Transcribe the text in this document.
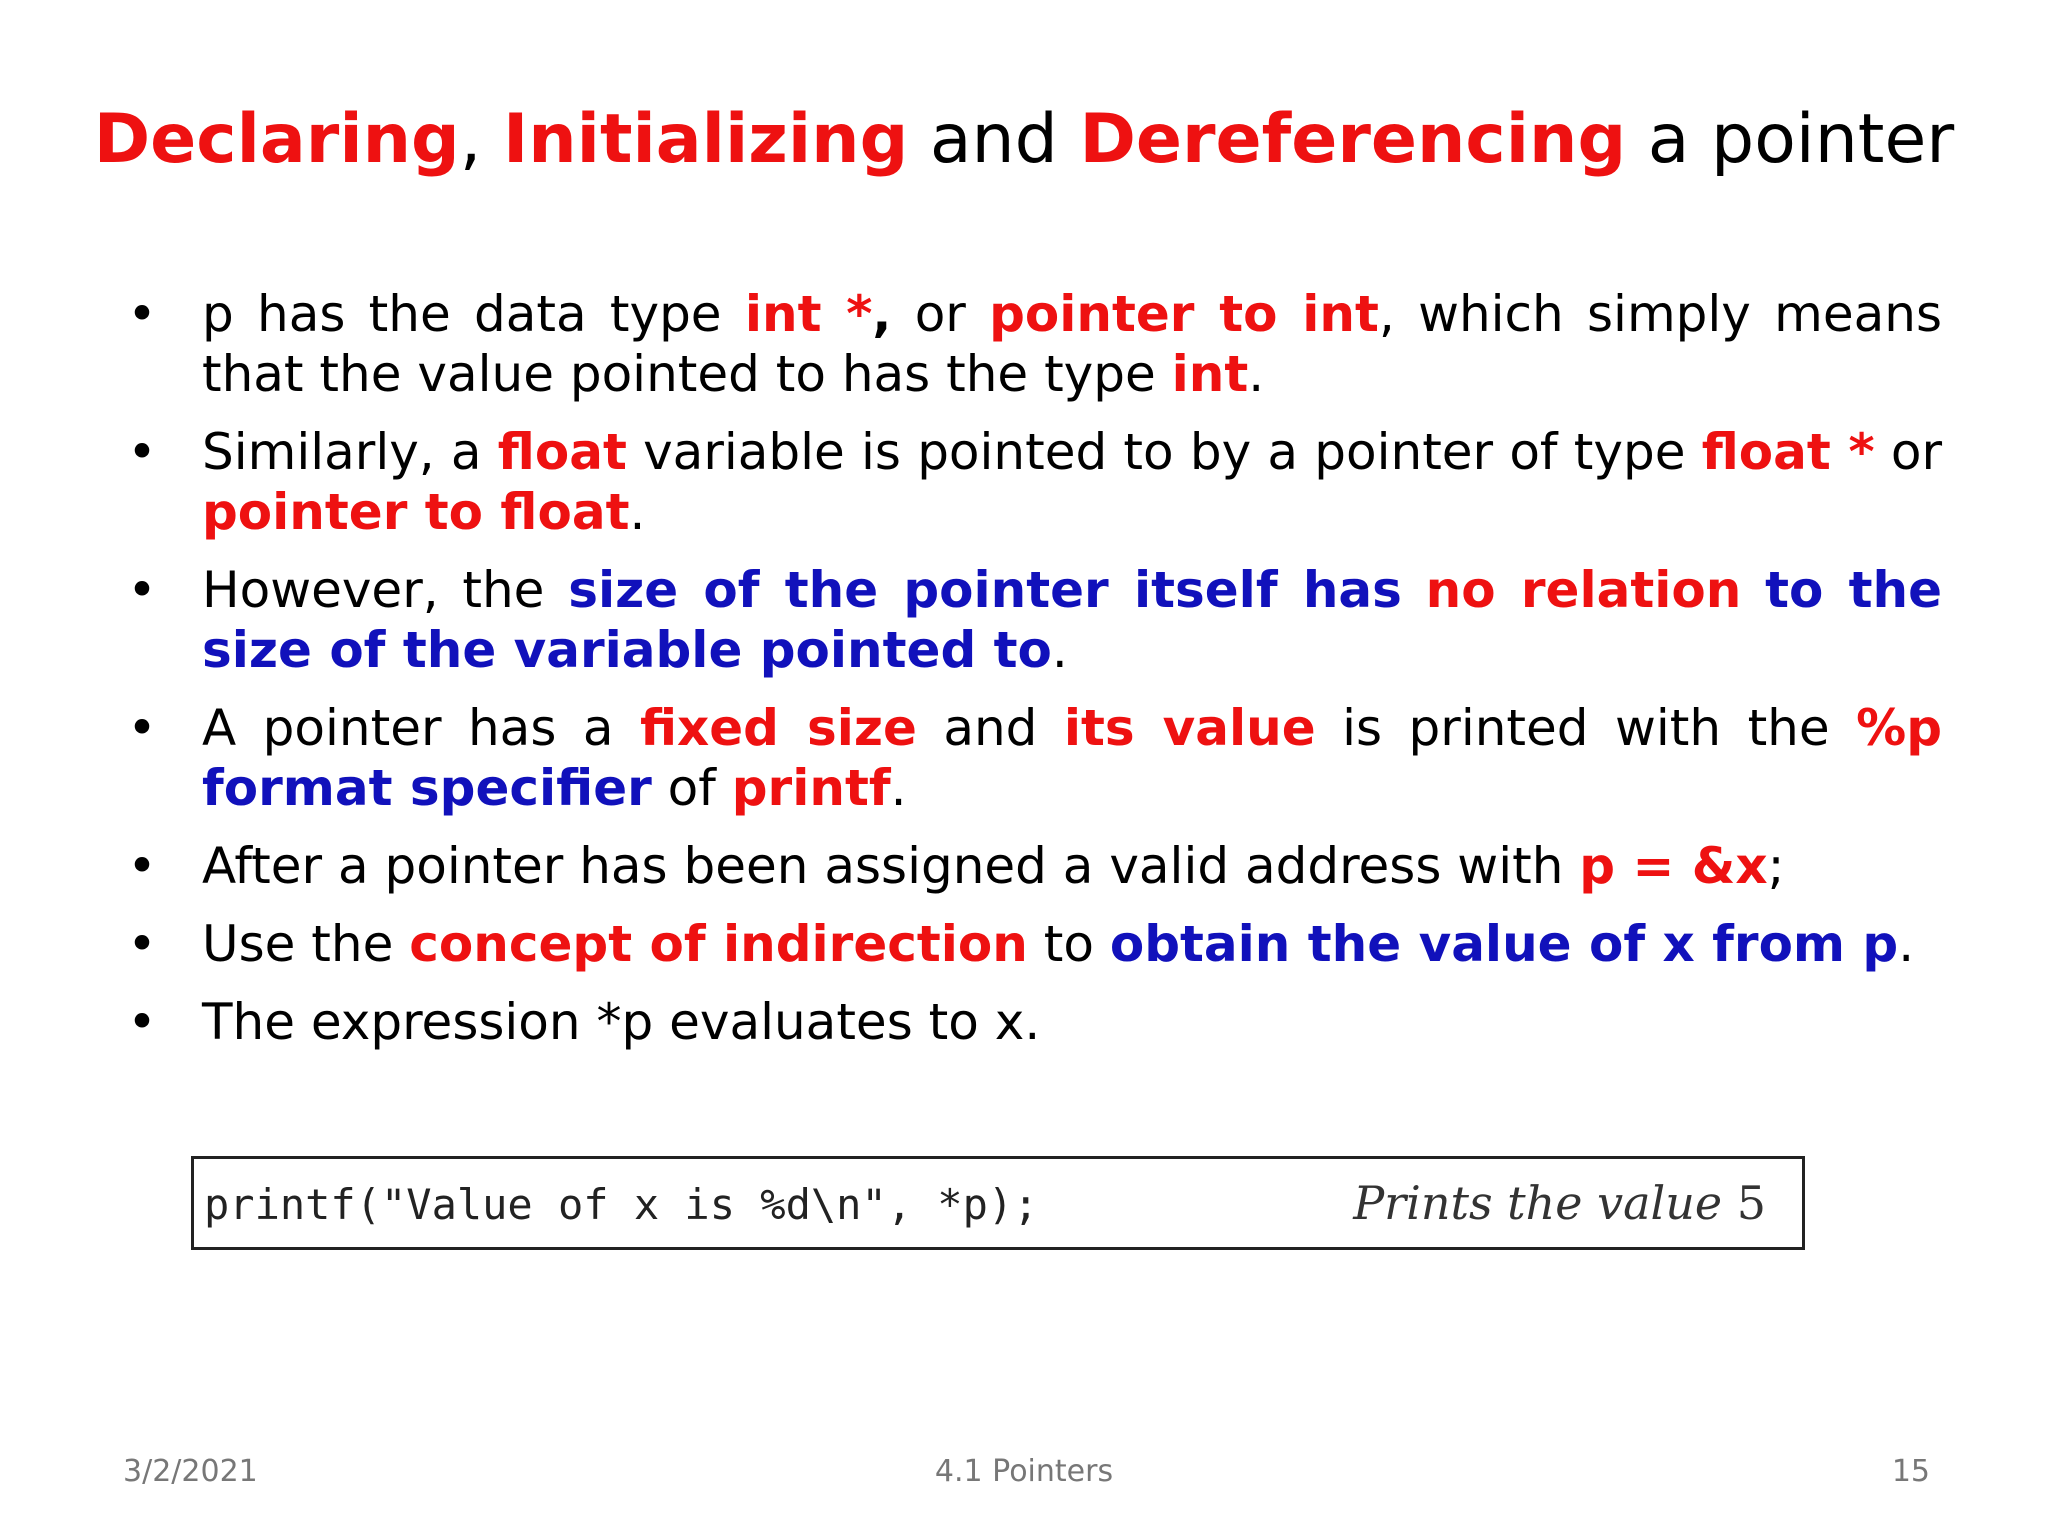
Declaring, Initializing and Dereferencing a pointer
• p has the data type int *, or pointer to int, which simply means that the value pointed to has the type int.
• Similarly, a float variable is pointed to by a pointer of type float * or pointer to float.
• However, the size of the pointer itself has no relation to the size of the variable pointed to.
• A pointer has a fixed size and its value is printed with the %p format specifier of printf.
• After a pointer has been assigned a valid address with p = &x;
• Use the concept of indirection to obtain the value of x from p.
• The expression *p evaluates to x.
printf("Value of x is %d\n", *p);	Prints the value 5
3/2/2021	4.1 Pointers	15
